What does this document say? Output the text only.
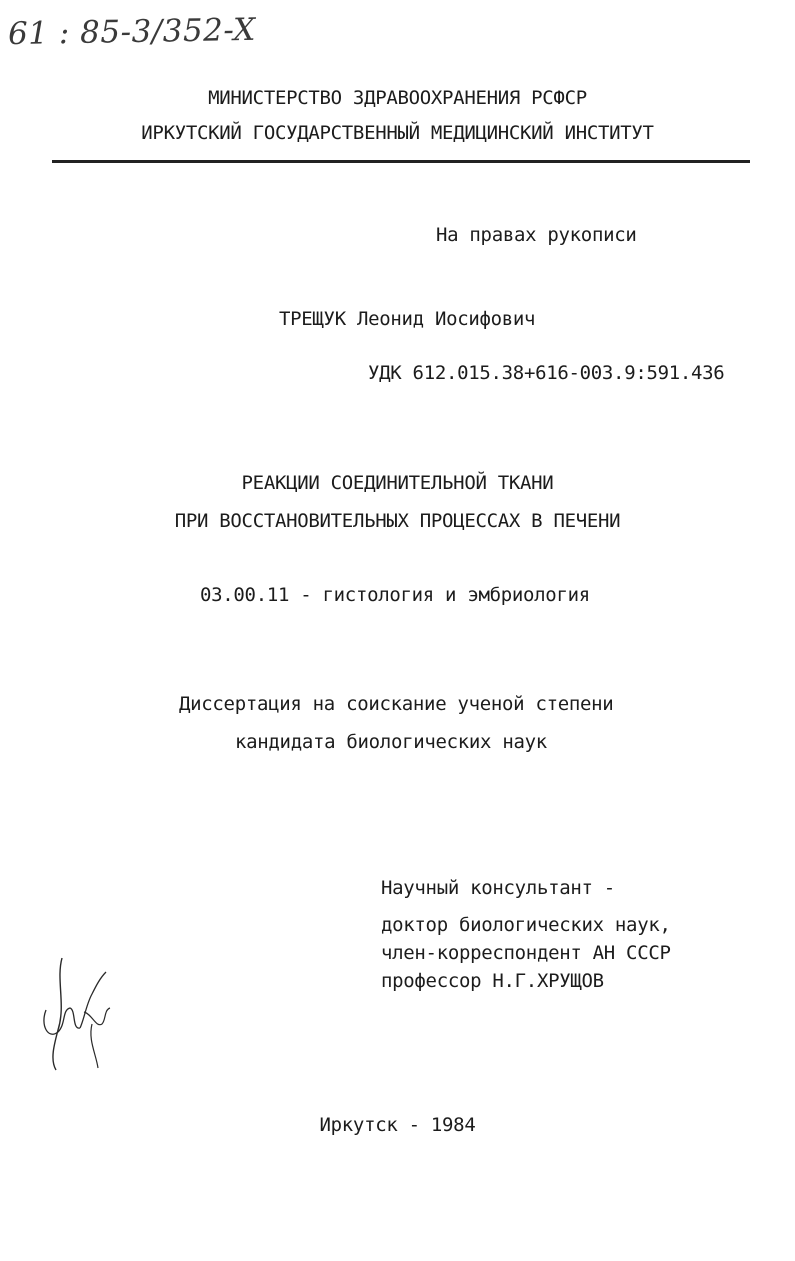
61 : 85-3/352-X
МИНИСТЕРСТВО ЗДРАВООХРАНЕНИЯ РСФСР
ИРКУТСКИЙ ГОСУДАРСТВЕННЫЙ МЕДИЦИНСКИЙ ИНСТИТУТ
На правах рукописи
ТРЕЩУК Леонид Иосифович
УДК 612.015.38+616-003.9:591.436
РЕАКЦИИ СОЕДИНИТЕЛЬНОЙ ТКАНИ
ПРИ ВОССТАНОВИТЕЛЬНЫХ ПРОЦЕССАХ В ПЕЧЕНИ
03.00.11 - гистология и эмбриология
Диссертация на соискание ученой степени
кандидата биологических наук
Научный консультант -
доктор биологических наук,
член-корреспондент АН СССР
профессор Н.Г.ХРУЩОВ
Иркутск - 1984
